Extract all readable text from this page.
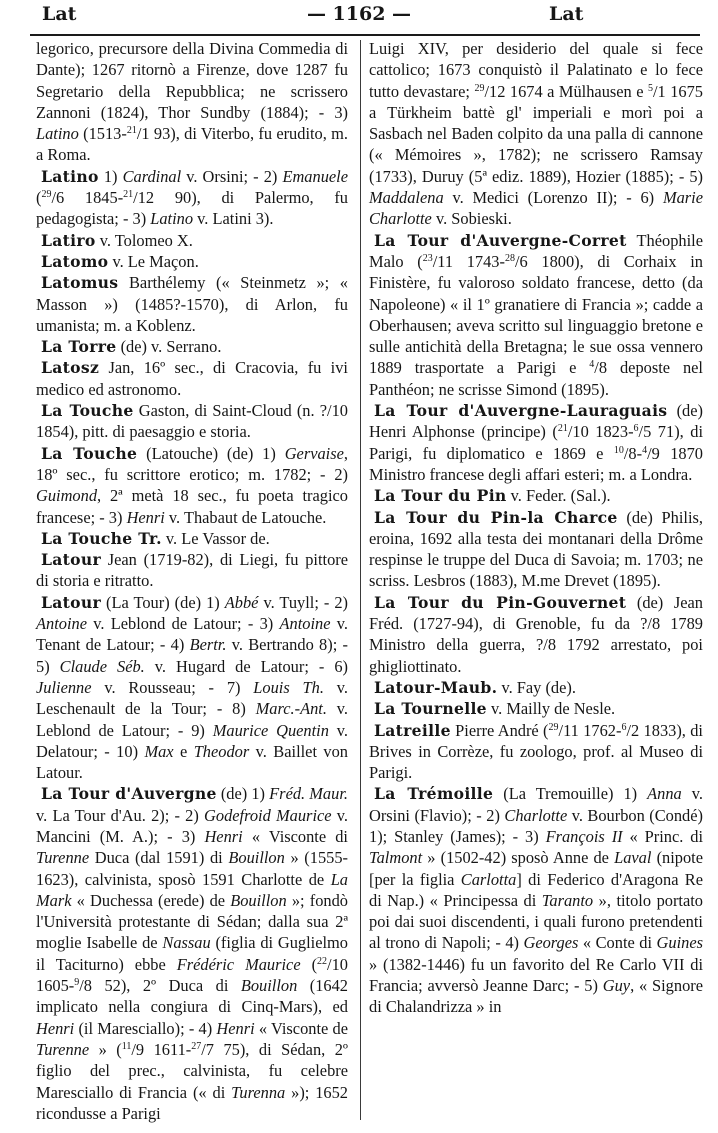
Lat	— 1162 —	Lat

legorico, precursore della Divina Commedia di Dante); 1267 ritornò a Firenze, dove 1287 fu Segretario della Repubblica; ne scrissero Zannoni (1824), Thor Sundby (1884); - 3) Latino (1513-$^{21}$/1 93), di Viterbo, fu erudito, m. a Roma.

Latino 1) Cardinal v. Orsini; - 2) Emanuele ($^{29}$/6 1845-$^{21}$/12 90), di Palermo, fu pedagogista; - 3) Latino v. Latini 3).

Latiro v. Tolomeo X.

Latomo v. Le Maçon.

Latomus Barthélemy (« Steinmetz »; « Masson ») (1485?-1570), di Arlon, fu umanista; m. a Koblenz.

La Torre (de) v. Serrano.

Latosz Jan, 16º sec., di Cracovia, fu ivi medico ed astronomo.

La Touche Gaston, di Saint-Cloud (n. ?/10 1854), pitt. di paesaggio e storia.

La Touche (Latouche) (de) 1) Gervaise, 18º sec., fu scrittore erotico; m. 1782; - 2) Guimond, 2ª metà 18 sec., fu poeta tragico francese; - 3) Henri v. Thabaut de Latouche.

La Touche Tr. v. Le Vassor de.

Latour Jean (1719-82), di Liegi, fu pittore di storia e ritratto.

Latour (La Tour) (de) 1) Abbé v. Tuyll; - 2) Antoine v. Leblond de Latour; - 3) Antoine v. Tenant de Latour; - 4) Bertr. v. Bertrando 8); - 5) Claude Séb. v. Hugard de Latour; - 6) Julienne v. Rousseau; - 7) Louis Th. v. Leschenault de la Tour; - 8) Marc.-Ant. v. Leblond de Latour; - 9) Maurice Quentin v. Delatour; - 10) Max e Theodor v. Baillet von Latour.

La Tour d'Auvergne (de) 1) Fréd. Maur. v. La Tour d'Au. 2); - 2) Godefroid Maurice v. Mancini (M. A.); - 3) Henri « Visconte di Turenne Duca (dal 1591) di Bouillon » (1555-1623), calvinista, sposò 1591 Charlotte de La Mark « Duchessa (erede) de Bouillon »; fondò l'Università protestante di Sédan; dalla sua 2ª moglie Isabelle de Nassau (figlia di Guglielmo il Taciturno) ebbe Frédéric Maurice ($^{22}$/10 1605-$^9$/8 52), 2º Duca di Bouillon (1642 implicato nella congiura di Cinq-Mars), ed Henri (il Maresciallo); - 4) Henri « Visconte de Turenne » ($^{11}$/9 1611-$^{27}$/7 75), di Sédan, 2º figlio del prec., calvinista, fu celebre Maresciallo di Francia (« di Turenna »); 1652 ricondusse a Parigi

Luigi XIV, per desiderio del quale si fece cattolico; 1673 conquistò il Palatinato e lo fece tutto devastare; $^{29}$/12 1674 a Mülhausen e $^5$/1 1675 a Türkheim battè gl' imperiali e morì poi a Sasbach nel Baden colpito da una palla di cannone (« Mémoires », 1782); ne scrissero Ramsay (1733), Duruy (5ª ediz. 1889), Hozier (1885); - 5) Maddalena v. Medici (Lorenzo II); - 6) Marie Charlotte v. Sobieski.

La Tour d'Auvergne-Corret Théophile Malo ($^{23}$/11 1743-$^{28}$/6 1800), di Corhaix in Finistère, fu valoroso soldato francese, detto (da Napoleone) « il 1º granatiere di Francia »; cadde a Oberhausen; aveva scritto sul linguaggio bretone e sulle antichità della Bretagna; le sue ossa vennero 1889 trasportate a Parigi e $^4$/8 deposte nel Panthéon; ne scrisse Simond (1895).

La Tour d'Auvergne-Lauraguais (de) Henri Alphonse (principe) ($^{21}$/10 1823-$^6$/5 71), di Parigi, fu diplomatico e 1869 e $^{10}$/8-$^4$/9 1870 Ministro francese degli affari esteri; m. a Londra.

La Tour du Pin v. Feder. (Sal.).

La Tour du Pin-la Charce (de) Philis, eroina, 1692 alla testa dei montanari della Drôme respinse le truppe del Duca di Savoia; m. 1703; ne scriss. Lesbros (1883), M.me Drevet (1895).

La Tour du Pin-Gouvernet (de) Jean Fréd. (1727-94), di Grenoble, fu da ?/8 1789 Ministro della guerra, ?/8 1792 arrestato, poi ghigliottinato.

Latour-Maub. v. Fay (de).

La Tournelle v. Mailly de Nesle.

Latreille Pierre André ($^{29}$/11 1762-$^6$/2 1833), di Brives in Corrèze, fu zoologo, prof. al Museo di Parigi.

La Trémoille (La Tremouille) 1) Anna v. Orsini (Flavio); - 2) Charlotte v. Bourbon (Condé) 1); Stanley (James); - 3) François II « Princ. di Talmont » (1502-42) sposò Anne de Laval (nipote [per la figlia Carlotta] di Federico d'Aragona Re di Nap.) « Principessa di Taranto », titolo portato poi dai suoi discendenti, i quali furono pretendenti al trono di Napoli; - 4) Georges « Conte di Guines » (1382-1446) fu un favorito del Re Carlo VII di Francia; avversò Jeanne Darc; - 5) Guy, « Signore di Chalandrizza » in
